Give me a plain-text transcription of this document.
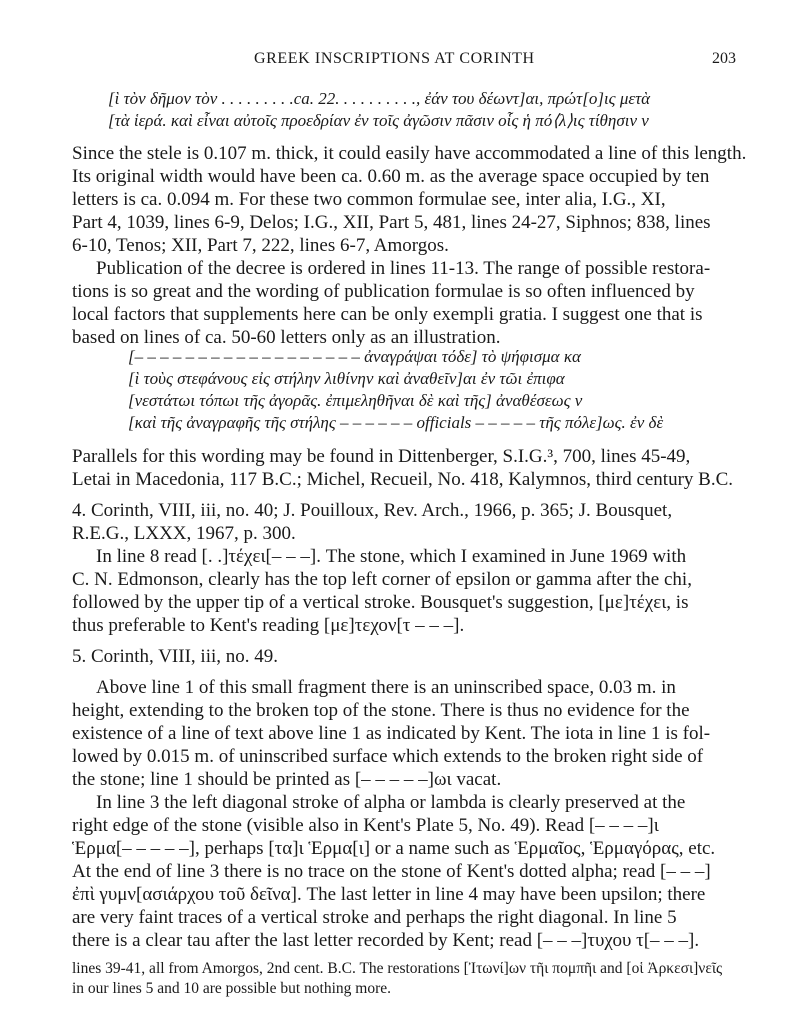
GREEK INSCRIPTIONS AT CORINTH	203
[ὶ τὸν δῆμον τὸν . . . . . . . . .ca. 22. . . . . . . . . ., ἐάν του δέωντ]αι, πρώτ[ο]ις μετὰ
[τὰ ἱερά. καὶ εἶναι αὐτοῖς προεδρίαν ἐν τοῖς ἀγῶσιν πᾶσιν οἷς ἡ πό⟨λ⟩ις τίθησιν v
Since the stele is 0.107 m. thick, it could easily have accommodated a line of this length.
Its original width would have been ca. 0.60 m. as the average space occupied by ten
letters is ca. 0.094 m. For these two common formulae see, inter alia, I.G., XI,
Part 4, 1039, lines 6-9, Delos; I.G., XII, Part 5, 481, lines 24-27, Siphnos; 838, lines
6-10, Tenos; XII, Part 7, 222, lines 6-7, Amorgos.
Publication of the decree is ordered in lines 11-13. The range of possible restora-
tions is so great and the wording of publication formulae is so often influenced by
local factors that supplements here can be only exempli gratia. I suggest one that is
based on lines of ca. 50-60 letters only as an illustration.
[– – – – – – – – – – – – – – – – – – ἀναγράψαι τόδε] τὸ ψήφισμα κα
[ὶ τοὺς στεφάνους εἰς στήλην λιθίνην καὶ ἀναθεῖν]αι ἐν τῶι ἐπιφα
[νεστάτωι τόπωι τῆς ἀγορᾶς. ἐπιμεληθῆναι δὲ καὶ τῆς] ἀναθέσεως v
[καὶ τῆς ἀναγραφῆς τῆς στήλης – – – – – – officials – – – – – τῆς πόλε]ως. ἐν δὲ
Parallels for this wording may be found in Dittenberger, S.I.G.³, 700, lines 45-49,
Letai in Macedonia, 117 B.C.; Michel, Recueil, No. 418, Kalymnos, third century B.C.
4. Corinth, VIII, iii, no. 40; J. Pouilloux, Rev. Arch., 1966, p. 365; J. Bousquet,
R.E.G., LXXX, 1967, p. 300.
In line 8 read [. .]τέχει[– – –]. The stone, which I examined in June 1969 with
C. N. Edmonson, clearly has the top left corner of epsilon or gamma after the chi,
followed by the upper tip of a vertical stroke. Bousquet's suggestion, [με]τέχει, is
thus preferable to Kent's reading [με]τεχον[τ – – –].
5. Corinth, VIII, iii, no. 49.
Above line 1 of this small fragment there is an uninscribed space, 0.03 m. in
height, extending to the broken top of the stone. There is thus no evidence for the
existence of a line of text above line 1 as indicated by Kent. The iota in line 1 is fol-
lowed by 0.015 m. of uninscribed surface which extends to the broken right side of
the stone; line 1 should be printed as [– – – – –]ωι vacat.
In line 3 the left diagonal stroke of alpha or lambda is clearly preserved at the
right edge of the stone (visible also in Kent's Plate 5, No. 49). Read [– – – –]ι
Ἑρμα[– – – – –], perhaps [τα]ι Ἑρμα[ι] or a name such as Ἑρμαῖος, Ἑρμαγόρας, etc.
At the end of line 3 there is no trace on the stone of Kent's dotted alpha; read [– – –]
ἐπὶ γυμν[ασιάρχου τοῦ δεῖνα]. The last letter in line 4 may have been upsilon; there
are very faint traces of a vertical stroke and perhaps the right diagonal. In line 5
there is a clear tau after the last letter recorded by Kent; read [– – –]τυχου τ[– – –].
lines 39-41, all from Amorgos, 2nd cent. B.C. The restorations [Ἰτωνί]ων τῆι πομπῆι and [οἱ Ἀρκεσι]νεῖς
in our lines 5 and 10 are possible but nothing more.
